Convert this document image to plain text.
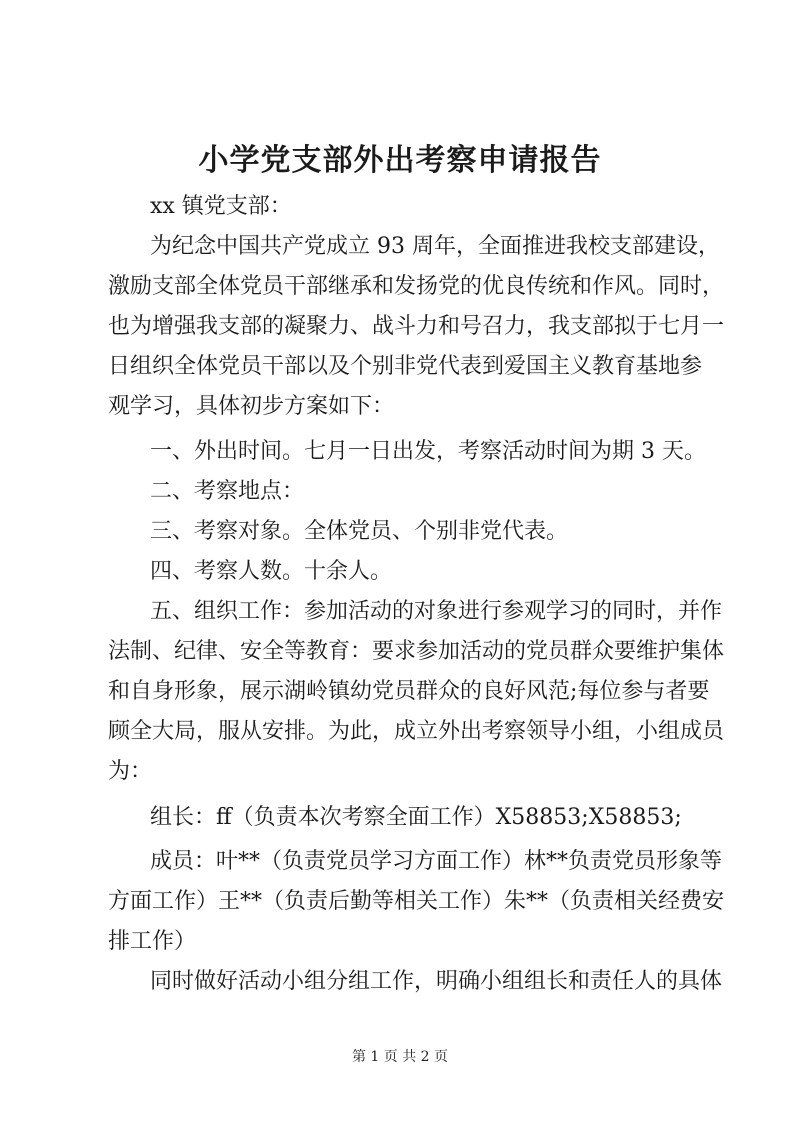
小学党支部外出考察申请报告

xx 镇党支部：

为纪念中国共产党成立 93 周年，全面推进我校支部建设，

激励支部全体党员干部继承和发扬党的优良传统和作风。同时，

也为增强我支部的凝聚力、战斗力和号召力，我支部拟于七月一

日组织全体党员干部以及个别非党代表到爱国主义教育基地参

观学习，具体初步方案如下：

一、外出时间。七月一日出发，考察活动时间为期 3 天。

二、考察地点：

三、考察对象。全体党员、个别非党代表。

四、考察人数。十余人。

五、组织工作：参加活动的对象进行参观学习的同时，并作

法制、纪律、安全等教育：要求参加活动的党员群众要维护集体

和自身形象，展示湖岭镇幼党员群众的良好风范;每位参与者要

顾全大局，服从安排。为此，成立外出考察领导小组，小组成员

为：

组长：ff（负责本次考察全面工作）X58853;X58853;

成员：叶**（负责党员学习方面工作）林**负责党员形象等

方面工作）王**（负责后勤等相关工作）朱**（负责相关经费安

排工作）

同时做好活动小组分组工作，明确小组组长和责任人的具体

第 1 页 共 2 页
